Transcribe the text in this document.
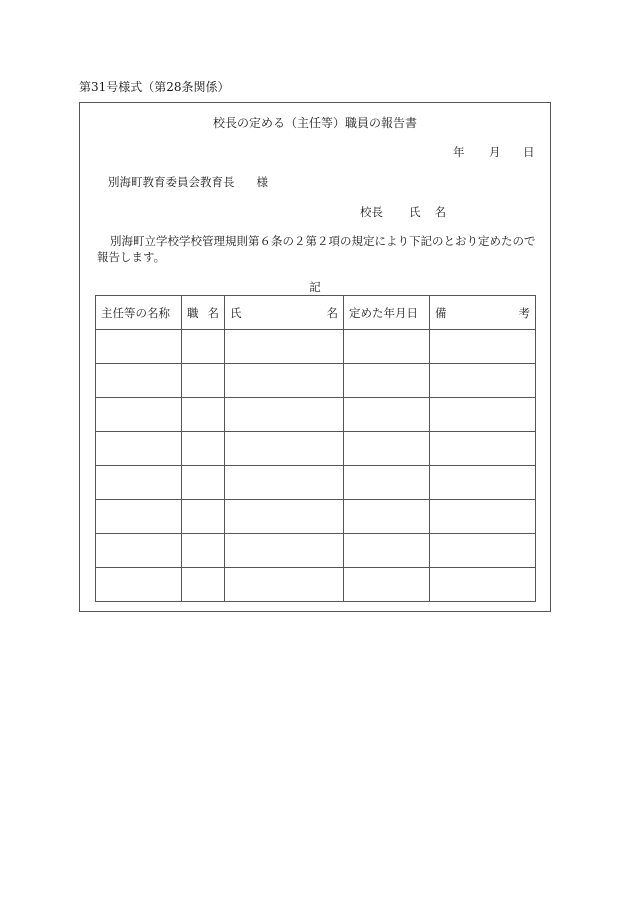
第31号様式（第28条関係）
校長の定める（主任等）職員の報告書
年 月 日
別海町教育委員会教育長 様
校長 氏 名
別海町立学校学校管理規則第６条の２第２項の規定により下記のとおり定めたので報告します。
記
主任等の名称	職 名	氏 名	定めた年月日	備 考
